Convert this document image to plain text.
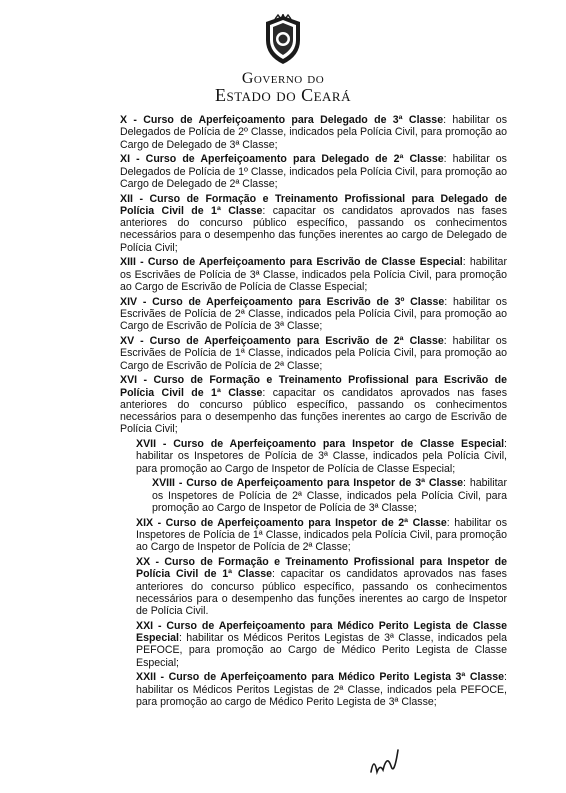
Governo do
Estado do Ceará

X - Curso de Aperfeiçoamento para Delegado de 3ª Classe: habilitar os Delegados de Polícia de 2º Classe, indicados pela Polícia Civil, para promoção ao Cargo de Delegado de 3ª Classe;

XI - Curso de Aperfeiçoamento para Delegado de 2ª Classe: habilitar os Delegados de Polícia de 1º Classe, indicados pela Polícia Civil, para promoção ao Cargo de Delegado de 2ª Classe;

XII - Curso de Formação e Treinamento Profissional para Delegado de Polícia Civil de 1ª Classe: capacitar os candidatos aprovados nas fases anteriores do concurso público específico, passando os conhecimentos necessários para o desempenho das funções inerentes ao cargo de Delegado de Polícia Civil;

XIII - Curso de Aperfeiçoamento para Escrivão de Classe Especial: habilitar os Escrivães de Polícia de 3ª Classe, indicados pela Polícia Civil, para promoção ao Cargo de Escrivão de Polícia de Classe Especial;

XIV - Curso de Aperfeiçoamento para Escrivão de 3º Classe: habilitar os Escrivães de Polícia de 2ª Classe, indicados pela Polícia Civil, para promoção ao Cargo de Escrivão de Polícia de 3ª Classe;

XV - Curso de Aperfeiçoamento para Escrivão de 2ª Classe: habilitar os Escrivães de Polícia de 1ª Classe, indicados pela Polícia Civil, para promoção ao Cargo de Escrivão de Polícia de 2ª Classe;

XVI - Curso de Formação e Treinamento Profissional para Escrivão de Polícia Civil de 1ª Classe: capacitar os candidatos aprovados nas fases anteriores do concurso público específico, passando os conhecimentos necessários para o desempenho das funções inerentes ao cargo de Escrivão de Polícia Civil;

XVII - Curso de Aperfeiçoamento para Inspetor de Classe Especial: habilitar os Inspetores de Polícia de 3ª Classe, indicados pela Polícia Civil, para promoção ao Cargo de Inspetor de Polícia de Classe Especial;

XVIII - Curso de Aperfeiçoamento para Inspetor de 3ª Classe: habilitar os Inspetores de Polícia de 2ª Classe, indicados pela Polícia Civil, para promoção ao Cargo de Inspetor de Polícia de 3ª Classe;

XIX - Curso de Aperfeiçoamento para Inspetor de 2ª Classe: habilitar os Inspetores de Polícia de 1ª Classe, indicados pela Polícia Civil, para promoção ao Cargo de Inspetor de Polícia de 2ª Classe;

XX - Curso de Formação e Treinamento Profissional para Inspetor de Polícia Civil de 1ª Classe: capacitar os candidatos aprovados nas fases anteriores do concurso público específico, passando os conhecimentos necessários para o desempenho das funções inerentes ao cargo de Inspetor de Polícia Civil.

XXI - Curso de Aperfeiçoamento para Médico Perito Legista de Classe Especial: habilitar os Médicos Peritos Legistas de 3ª Classe, indicados pela PEFOCE, para promoção ao Cargo de Médico Perito Legista de Classe Especial;

XXII - Curso de Aperfeiçoamento para Médico Perito Legista 3ª Classe: habilitar os Médicos Peritos Legistas de 2ª Classe, indicados pela PEFOCE, para promoção ao cargo de Médico Perito Legista de 3ª Classe;
